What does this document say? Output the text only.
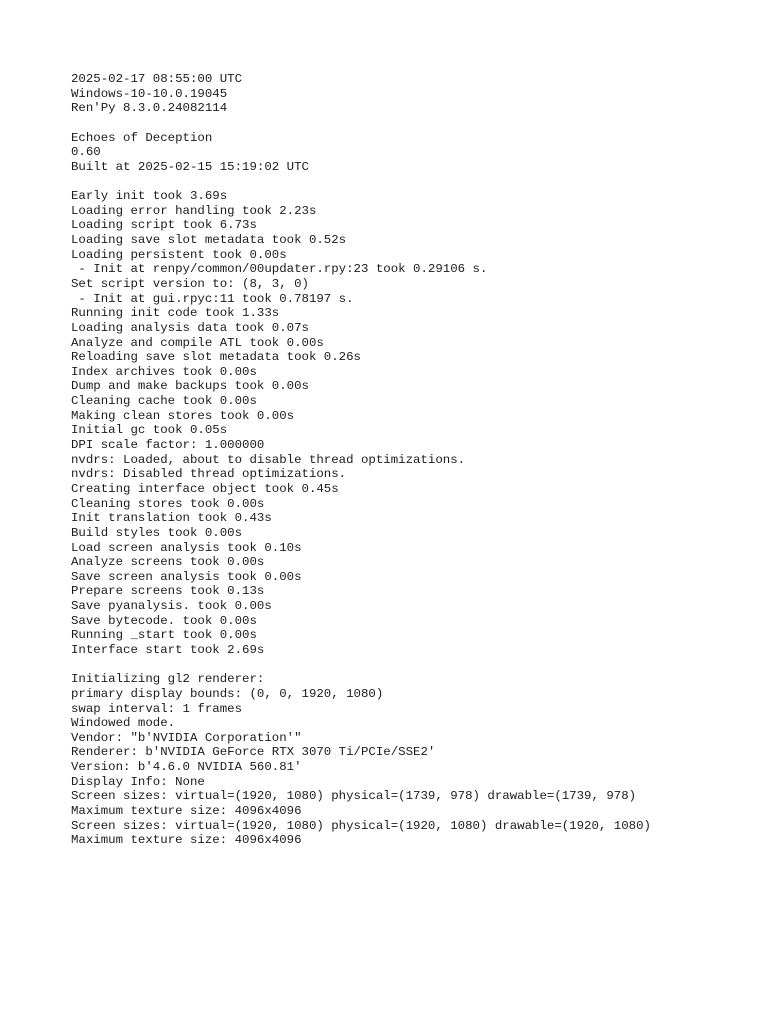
2025-02-17 08:55:00 UTC
Windows-10-10.0.19045
Ren'Py 8.3.0.24082114
Echoes of Deception
0.60
Built at 2025-02-15 15:19:02 UTC
Early init took 3.69s
Loading error handling took 2.23s
Loading script took 6.73s
Loading save slot metadata took 0.52s
Loading persistent took 0.00s
- Init at renpy/common/00updater.rpy:23 took 0.29106 s.
Set script version to: (8, 3, 0)
- Init at gui.rpyc:11 took 0.78197 s.
Running init code took 1.33s
Loading analysis data took 0.07s
Analyze and compile ATL took 0.00s
Reloading save slot metadata took 0.26s
Index archives took 0.00s
Dump and make backups took 0.00s
Cleaning cache took 0.00s
Making clean stores took 0.00s
Initial gc took 0.05s
DPI scale factor: 1.000000
nvdrs: Loaded, about to disable thread optimizations.
nvdrs: Disabled thread optimizations.
Creating interface object took 0.45s
Cleaning stores took 0.00s
Init translation took 0.43s
Build styles took 0.00s
Load screen analysis took 0.10s
Analyze screens took 0.00s
Save screen analysis took 0.00s
Prepare screens took 0.13s
Save pyanalysis. took 0.00s
Save bytecode. took 0.00s
Running _start took 0.00s
Interface start took 2.69s
Initializing gl2 renderer:
primary display bounds: (0, 0, 1920, 1080)
swap interval: 1 frames
Windowed mode.
Vendor: "b'NVIDIA Corporation'"
Renderer: b'NVIDIA GeForce RTX 3070 Ti/PCIe/SSE2'
Version: b'4.6.0 NVIDIA 560.81'
Display Info: None
Screen sizes: virtual=(1920, 1080) physical=(1739, 978) drawable=(1739, 978)
Maximum texture size: 4096x4096
Screen sizes: virtual=(1920, 1080) physical=(1920, 1080) drawable=(1920, 1080)
Maximum texture size: 4096x4096
